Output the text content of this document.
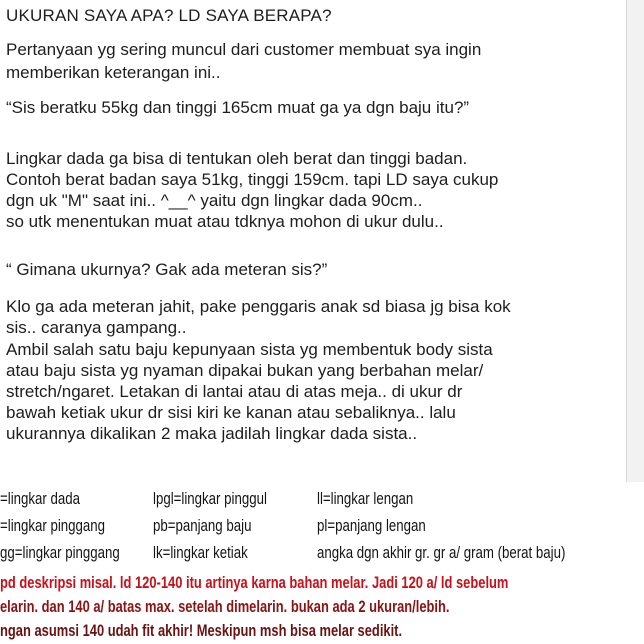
UKURAN SAYA APA? LD SAYA BERAPA?
Pertanyaan yg sering muncul dari customer membuat sya ingin
memberikan keterangan ini..
“Sis beratku 55kg dan tinggi 165cm muat ga ya dgn baju itu?”
Lingkar dada ga bisa di tentukan oleh berat dan tinggi badan.
Contoh berat badan saya 51kg, tinggi 159cm. tapi LD saya cukup
dgn uk "M" saat ini.. ^__^ yaitu dgn lingkar dada 90cm..
so utk menentukan muat atau tdknya mohon di ukur dulu..
“ Gimana ukurnya? Gak ada meteran sis?”
Klo ga ada meteran jahit, pake penggaris anak sd biasa jg bisa kok
sis.. caranya gampang..
Ambil salah satu baju kepunyaan sista yg membentuk body sista
atau baju sista yg nyaman dipakai bukan yang berbahan melar/
stretch/ngaret. Letakan di lantai atau di atas meja.. di ukur dr
bawah ketiak ukur dr sisi kiri ke kanan atau sebaliknya.. lalu
ukurannya dikalikan 2 maka jadilah lingkar dada sista..
=lingkar dada	lpgl=lingkar pinggul	ll=lingkar lengan
=lingkar pinggang	pb=panjang baju	pl=panjang lengan
gg=lingkar pinggang lk=lingkar ketiak	angka dgn akhir gr. gr a/ gram (berat baju)
pd deskripsi misal. ld 120-140 itu artinya karna bahan melar. Jadi 120 a/ ld sebelum
elarin. dan 140 a/ batas max. setelah dimelarin. bukan ada 2 ukuran/lebih.
ngan asumsi 140 udah fit akhir! Meskipun msh bisa melar sedikit.
